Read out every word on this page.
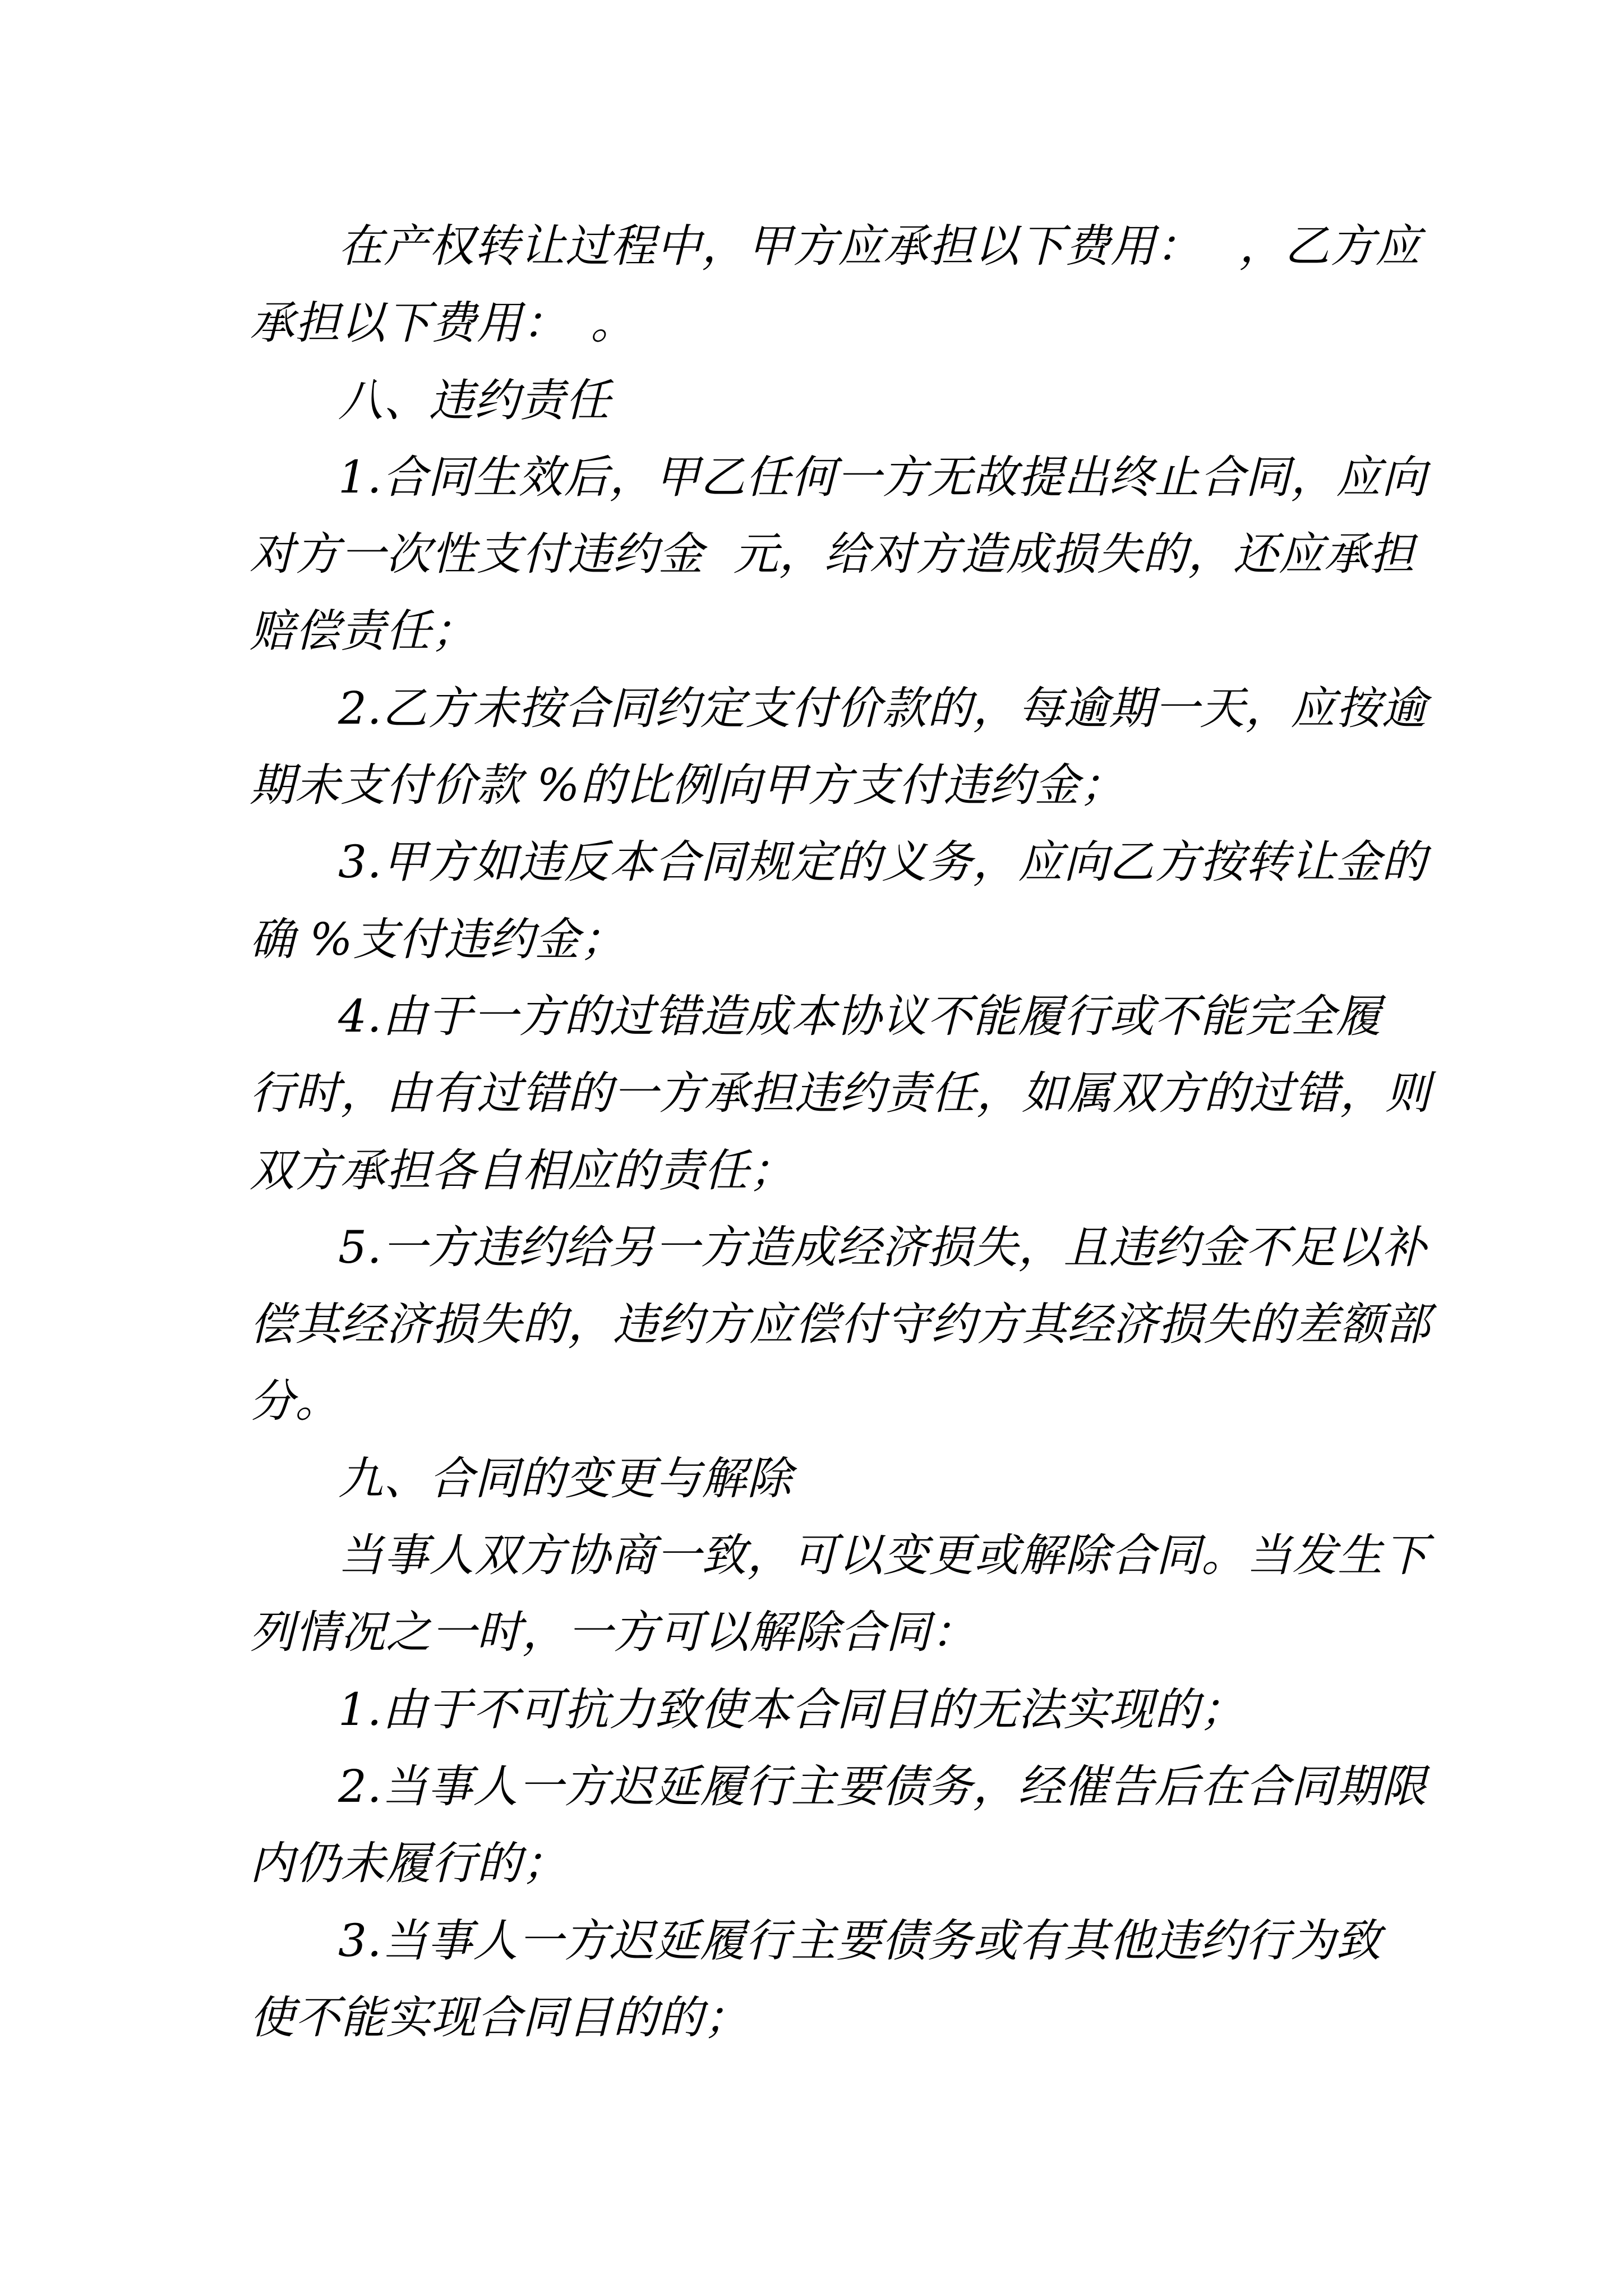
在产权转让过程中，甲方应承担以下费用：　 ，乙方应
承担以下费用：　。
八、违约责任
1.合同生效后，甲乙任何一方无故提出终止合同，应向
对方一次性支付违约金  元，给对方造成损失的，还应承担
赔偿责任；
2.乙方未按合同约定支付价款的，每逾期一天，应按逾
期未支付价款 %的比例向甲方支付违约金；
3.甲方如违反本合同规定的义务，应向乙方按转让金的
确 %支付违约金；
4.由于一方的过错造成本协议不能履行或不能完全履
行时，由有过错的一方承担违约责任，如属双方的过错，则
双方承担各自相应的责任；
5.一方违约给另一方造成经济损失，且违约金不足以补
偿其经济损失的，违约方应偿付守约方其经济损失的差额部
分。
九、合同的变更与解除
当事人双方协商一致，可以变更或解除合同。当发生下
列情况之一时，一方可以解除合同：
1.由于不可抗力致使本合同目的无法实现的；
2.当事人一方迟延履行主要债务，经催告后在合同期限
内仍未履行的；
3.当事人一方迟延履行主要债务或有其他违约行为致
使不能实现合同目的的；
